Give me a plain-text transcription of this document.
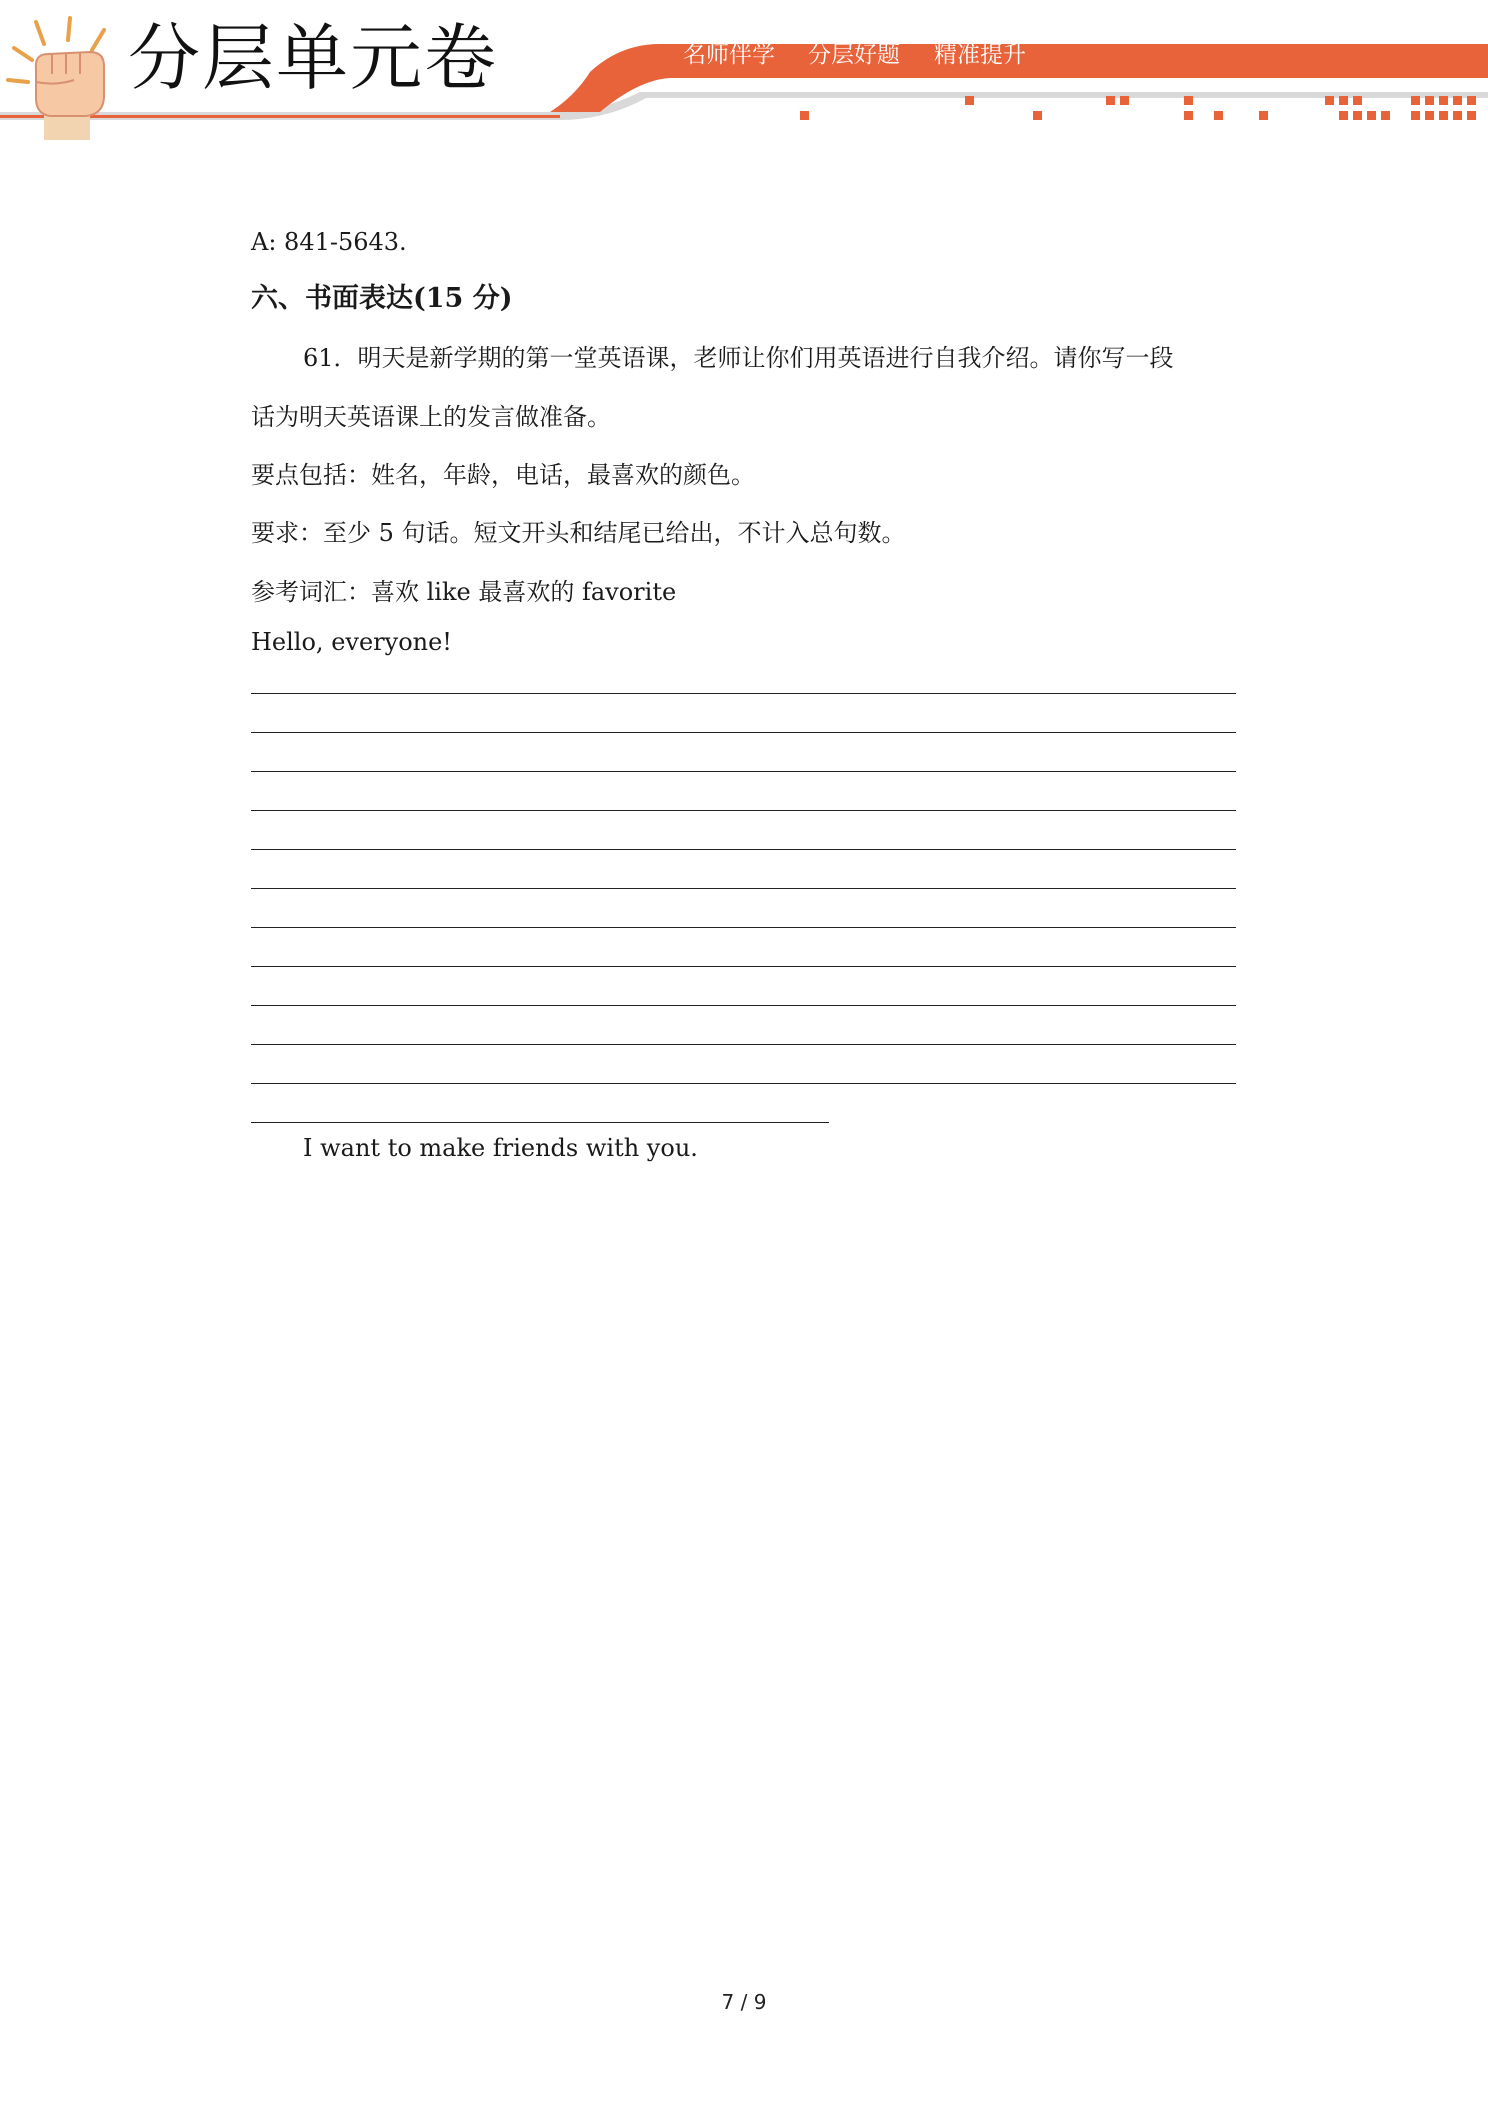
分层单元卷	名师伴学 分层好题 精准提升
A: 841-5643.
六、书面表达(15 分)
61．明天是新学期的第一堂英语课，老师让你们用英语进行自我介绍。请你写一段
话为明天英语课上的发言做准备。
要点包括：姓名，年龄，电话，最喜欢的颜色。
要求：至少 5 句话。短文开头和结尾已给出，不计入总句数。
参考词汇：喜欢 like 最喜欢的 favorite
Hello, everyone!
I want to make friends with you.
7 / 9
